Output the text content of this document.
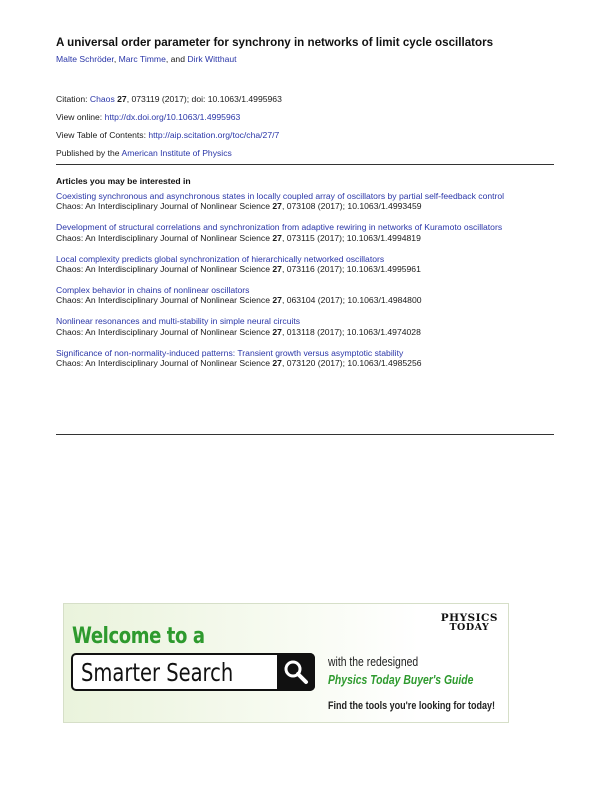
A universal order parameter for synchrony in networks of limit cycle oscillators
Malte Schröder, Marc Timme, and Dirk Witthaut
Citation: Chaos 27, 073119 (2017); doi: 10.1063/1.4995963
View online: http://dx.doi.org/10.1063/1.4995963
View Table of Contents: http://aip.scitation.org/toc/cha/27/7
Published by the American Institute of Physics
Articles you may be interested in
Coexisting synchronous and asynchronous states in locally coupled array of oscillators by partial self-feedback control
Chaos: An Interdisciplinary Journal of Nonlinear Science 27, 073108 (2017); 10.1063/1.4993459
Development of structural correlations and synchronization from adaptive rewiring in networks of Kuramoto oscillators
Chaos: An Interdisciplinary Journal of Nonlinear Science 27, 073115 (2017); 10.1063/1.4994819
Local complexity predicts global synchronization of hierarchically networked oscillators
Chaos: An Interdisciplinary Journal of Nonlinear Science 27, 073116 (2017); 10.1063/1.4995961
Complex behavior in chains of nonlinear oscillators
Chaos: An Interdisciplinary Journal of Nonlinear Science 27, 063104 (2017); 10.1063/1.4984800
Nonlinear resonances and multi-stability in simple neural circuits
Chaos: An Interdisciplinary Journal of Nonlinear Science 27, 013118 (2017); 10.1063/1.4974028
Significance of non-normality-induced patterns: Transient growth versus asymptotic stability
Chaos: An Interdisciplinary Journal of Nonlinear Science 27, 073120 (2017); 10.1063/1.4985256
Welcome to a
Smarter Search
PHYSICS
TODAY
with the redesigned
Physics Today Buyer's Guide
Find the tools you're looking for today!
